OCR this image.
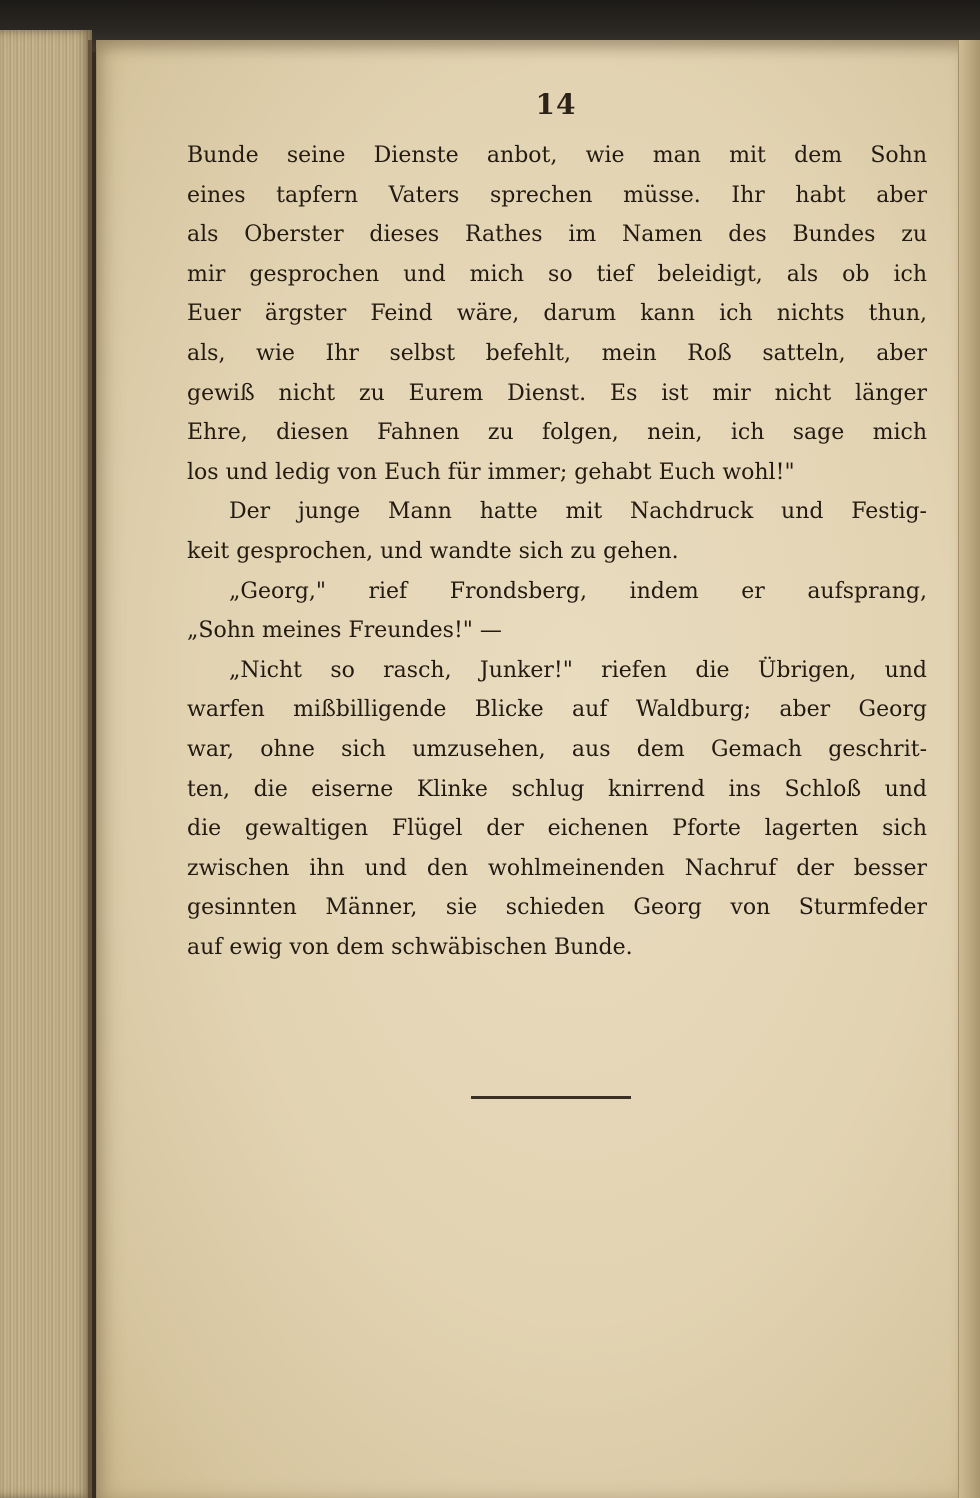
14
Bunde seine Dienste anbot, wie man mit dem Sohn
eines tapfern Vaters sprechen müsse. Ihr habt aber
als Oberster dieses Rathes im Namen des Bundes zu
mir gesprochen und mich so tief beleidigt, als ob ich
Euer ärgster Feind wäre, darum kann ich nichts thun,
als, wie Ihr selbst befehlt, mein Roß satteln, aber
gewiß nicht zu Eurem Dienst. Es ist mir nicht länger
Ehre, diesen Fahnen zu folgen, nein, ich sage mich
los und ledig von Euch für immer; gehabt Euch wohl!"
Der junge Mann hatte mit Nachdruck und Festig-
keit gesprochen, und wandte sich zu gehen.
„Georg," rief Frondsberg, indem er aufsprang,
„Sohn meines Freundes!" —
„Nicht so rasch, Junker!" riefen die Übrigen, und
warfen mißbilligende Blicke auf Waldburg; aber Georg
war, ohne sich umzusehen, aus dem Gemach geschrit-
ten, die eiserne Klinke schlug knirrend ins Schloß und
die gewaltigen Flügel der eichenen Pforte lagerten sich
zwischen ihn und den wohlmeinenden Nachruf der besser
gesinnten Männer, sie schieden Georg von Sturmfeder
auf ewig von dem schwäbischen Bunde.
